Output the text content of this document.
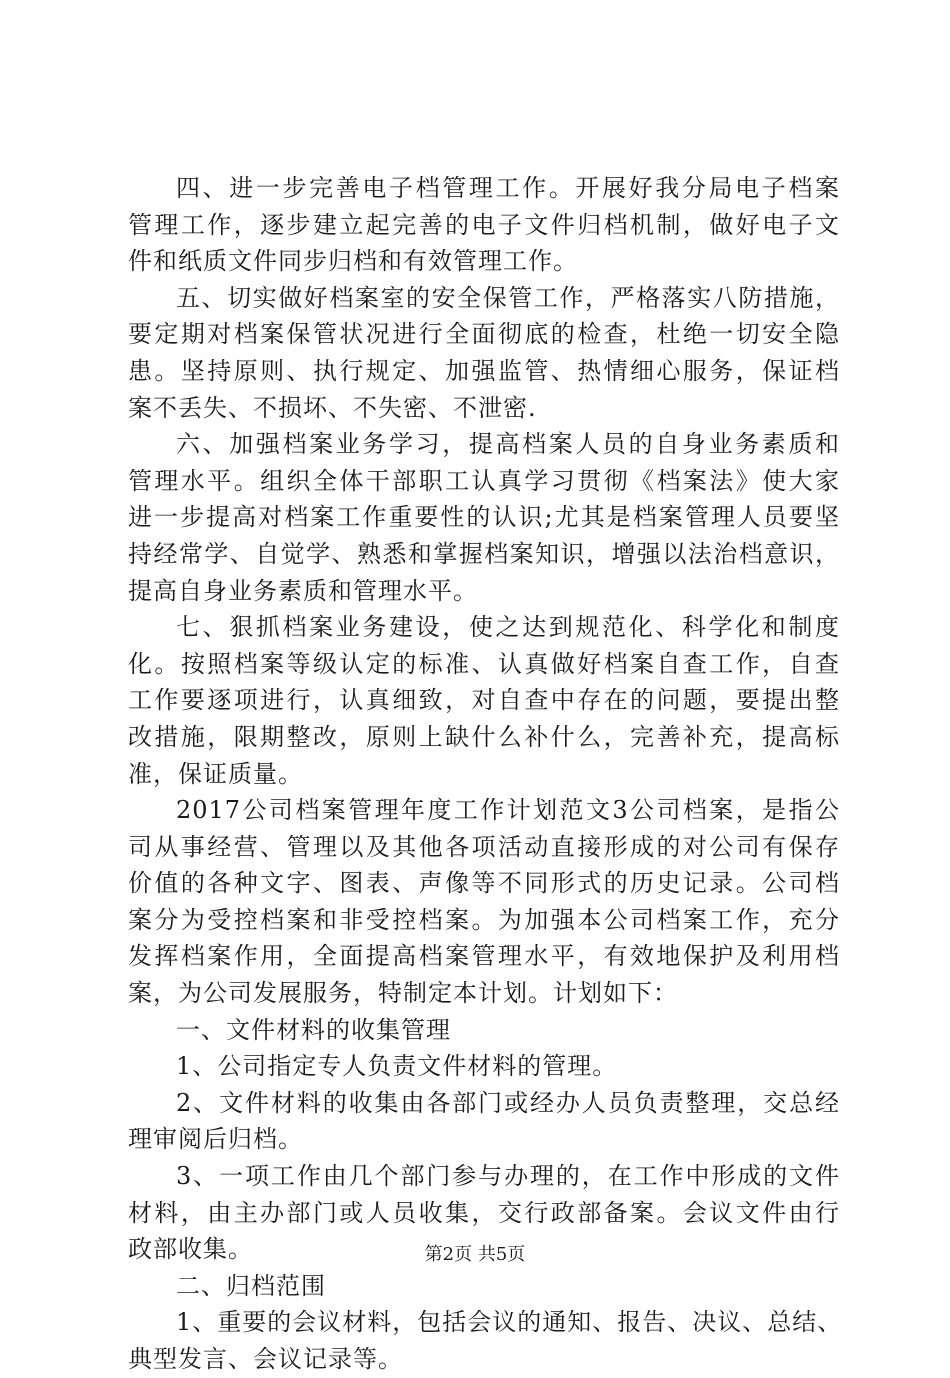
四、进一步完善电子档管理工作。开展好我分局电子档案
管理工作，逐步建立起完善的电子文件归档机制，做好电子文
件和纸质文件同步归档和有效管理工作。
五、切实做好档案室的安全保管工作，严格落实八防措施，
要定期对档案保管状况进行全面彻底的检查，杜绝一切安全隐
患。坚持原则、执行规定、加强监管、热情细心服务，保证档
案不丢失、不损坏、不失密、不泄密.
六、加强档案业务学习，提高档案人员的自身业务素质和
管理水平。组织全体干部职工认真学习贯彻《档案法》使大家
进一步提高对档案工作重要性的认识;尤其是档案管理人员要坚
持经常学、自觉学、熟悉和掌握档案知识，增强以法治档意识，
提高自身业务素质和管理水平。
七、狠抓档案业务建设，使之达到规范化、科学化和制度
化。按照档案等级认定的标准、认真做好档案自查工作，自查
工作要逐项进行，认真细致，对自查中存在的问题，要提出整
改措施，限期整改，原则上缺什么补什么，完善补充，提高标
准，保证质量。
2017公司档案管理年度工作计划范文3公司档案，是指公
司从事经营、管理以及其他各项活动直接形成的对公司有保存
价值的各种文字、图表、声像等不同形式的历史记录。公司档
案分为受控档案和非受控档案。为加强本公司档案工作，充分
发挥档案作用，全面提高档案管理水平，有效地保护及利用档
案，为公司发展服务，特制定本计划。计划如下：
一、文件材料的收集管理
1、公司指定专人负责文件材料的管理。
2、文件材料的收集由各部门或经办人员负责整理，交总经
理审阅后归档。
3、一项工作由几个部门参与办理的，在工作中形成的文件
材料，由主办部门或人员收集，交行政部备案。会议文件由行
政部收集。
二、归档范围
1、重要的会议材料，包括会议的通知、报告、决议、总结、
典型发言、会议记录等。
第2页 共5页
